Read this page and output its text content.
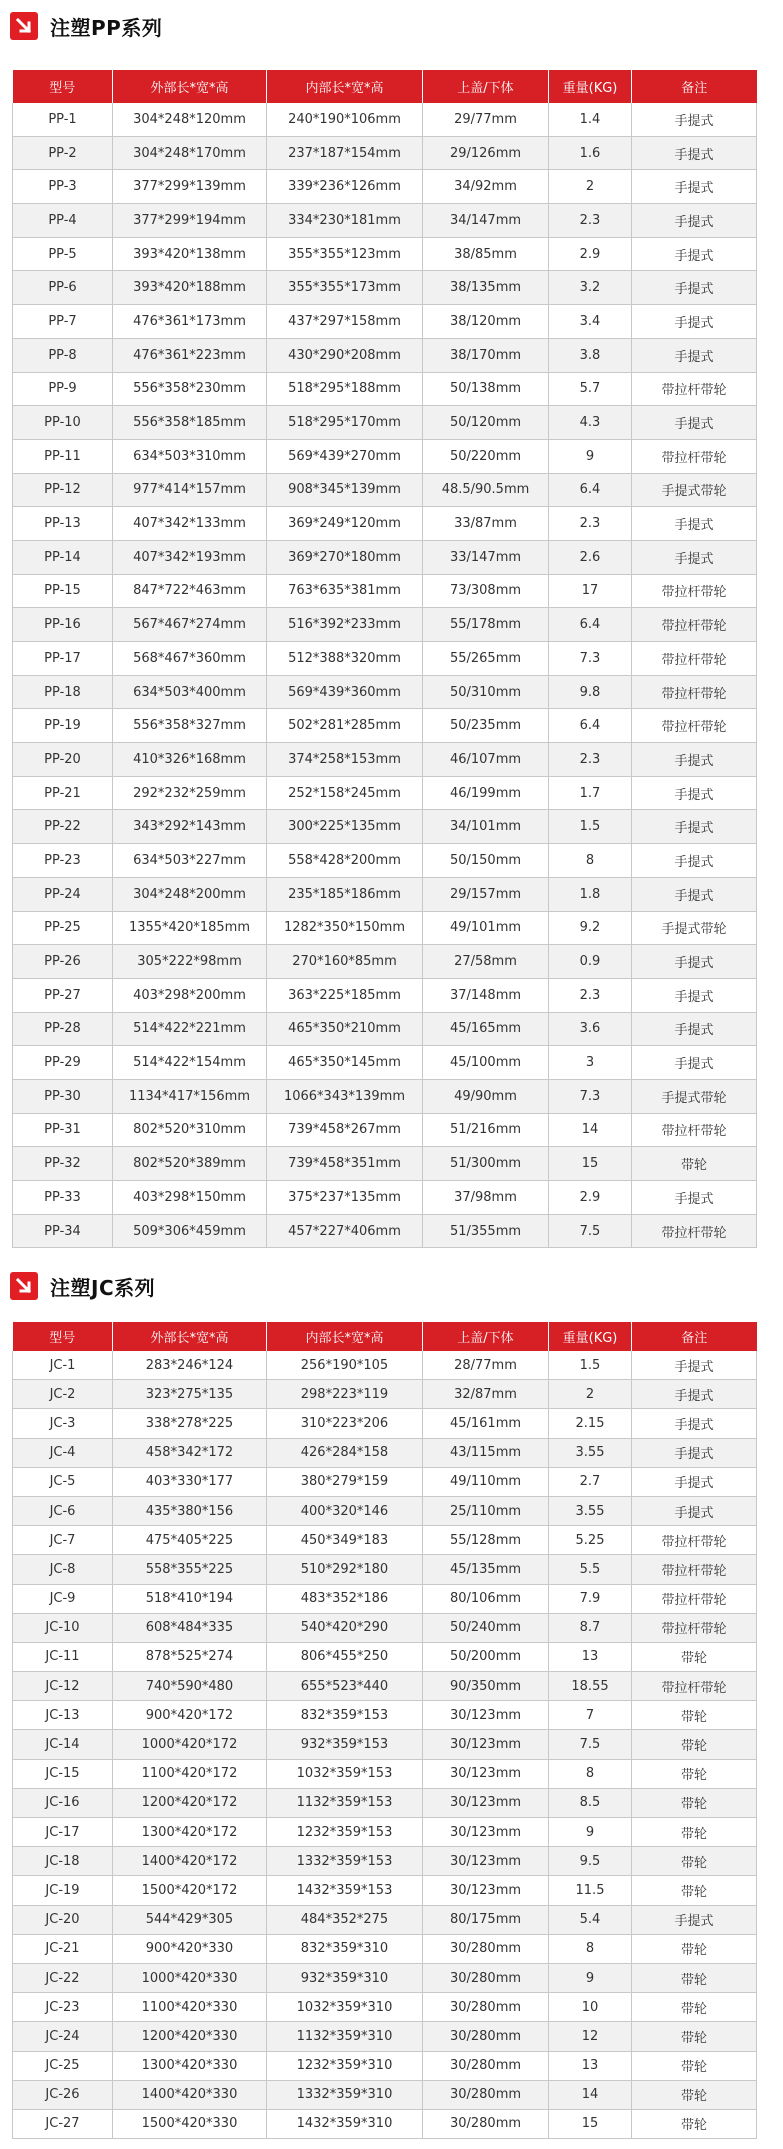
注塑PP系列
型号	外部长*宽*高	内部长*宽*高	上盖/下体	重量(KG)	备注
PP-1	304*248*120mm	240*190*106mm	29/77mm	1.4	手提式
PP-2	304*248*170mm	237*187*154mm	29/126mm	1.6	手提式
PP-3	377*299*139mm	339*236*126mm	34/92mm	2	手提式
PP-4	377*299*194mm	334*230*181mm	34/147mm	2.3	手提式
PP-5	393*420*138mm	355*355*123mm	38/85mm	2.9	手提式
PP-6	393*420*188mm	355*355*173mm	38/135mm	3.2	手提式
PP-7	476*361*173mm	437*297*158mm	38/120mm	3.4	手提式
PP-8	476*361*223mm	430*290*208mm	38/170mm	3.8	手提式
PP-9	556*358*230mm	518*295*188mm	50/138mm	5.7	带拉杆带轮
PP-10	556*358*185mm	518*295*170mm	50/120mm	4.3	手提式
PP-11	634*503*310mm	569*439*270mm	50/220mm	9	带拉杆带轮
PP-12	977*414*157mm	908*345*139mm	48.5/90.5mm	6.4	手提式带轮
PP-13	407*342*133mm	369*249*120mm	33/87mm	2.3	手提式
PP-14	407*342*193mm	369*270*180mm	33/147mm	2.6	手提式
PP-15	847*722*463mm	763*635*381mm	73/308mm	17	带拉杆带轮
PP-16	567*467*274mm	516*392*233mm	55/178mm	6.4	带拉杆带轮
PP-17	568*467*360mm	512*388*320mm	55/265mm	7.3	带拉杆带轮
PP-18	634*503*400mm	569*439*360mm	50/310mm	9.8	带拉杆带轮
PP-19	556*358*327mm	502*281*285mm	50/235mm	6.4	带拉杆带轮
PP-20	410*326*168mm	374*258*153mm	46/107mm	2.3	手提式
PP-21	292*232*259mm	252*158*245mm	46/199mm	1.7	手提式
PP-22	343*292*143mm	300*225*135mm	34/101mm	1.5	手提式
PP-23	634*503*227mm	558*428*200mm	50/150mm	8	手提式
PP-24	304*248*200mm	235*185*186mm	29/157mm	1.8	手提式
PP-25	1355*420*185mm	1282*350*150mm	49/101mm	9.2	手提式带轮
PP-26	305*222*98mm	270*160*85mm	27/58mm	0.9	手提式
PP-27	403*298*200mm	363*225*185mm	37/148mm	2.3	手提式
PP-28	514*422*221mm	465*350*210mm	45/165mm	3.6	手提式
PP-29	514*422*154mm	465*350*145mm	45/100mm	3	手提式
PP-30	1134*417*156mm	1066*343*139mm	49/90mm	7.3	手提式带轮
PP-31	802*520*310mm	739*458*267mm	51/216mm	14	带拉杆带轮
PP-32	802*520*389mm	739*458*351mm	51/300mm	15	带轮
PP-33	403*298*150mm	375*237*135mm	37/98mm	2.9	手提式
PP-34	509*306*459mm	457*227*406mm	51/355mm	7.5	带拉杆带轮
注塑JC系列
型号	外部长*宽*高	内部长*宽*高	上盖/下体	重量(KG)	备注
JC-1	283*246*124	256*190*105	28/77mm	1.5	手提式
JC-2	323*275*135	298*223*119	32/87mm	2	手提式
JC-3	338*278*225	310*223*206	45/161mm	2.15	手提式
JC-4	458*342*172	426*284*158	43/115mm	3.55	手提式
JC-5	403*330*177	380*279*159	49/110mm	2.7	手提式
JC-6	435*380*156	400*320*146	25/110mm	3.55	手提式
JC-7	475*405*225	450*349*183	55/128mm	5.25	带拉杆带轮
JC-8	558*355*225	510*292*180	45/135mm	5.5	带拉杆带轮
JC-9	518*410*194	483*352*186	80/106mm	7.9	带拉杆带轮
JC-10	608*484*335	540*420*290	50/240mm	8.7	带拉杆带轮
JC-11	878*525*274	806*455*250	50/200mm	13	带轮
JC-12	740*590*480	655*523*440	90/350mm	18.55	带拉杆带轮
JC-13	900*420*172	832*359*153	30/123mm	7	带轮
JC-14	1000*420*172	932*359*153	30/123mm	7.5	带轮
JC-15	1100*420*172	1032*359*153	30/123mm	8	带轮
JC-16	1200*420*172	1132*359*153	30/123mm	8.5	带轮
JC-17	1300*420*172	1232*359*153	30/123mm	9	带轮
JC-18	1400*420*172	1332*359*153	30/123mm	9.5	带轮
JC-19	1500*420*172	1432*359*153	30/123mm	11.5	带轮
JC-20	544*429*305	484*352*275	80/175mm	5.4	手提式
JC-21	900*420*330	832*359*310	30/280mm	8	带轮
JC-22	1000*420*330	932*359*310	30/280mm	9	带轮
JC-23	1100*420*330	1032*359*310	30/280mm	10	带轮
JC-24	1200*420*330	1132*359*310	30/280mm	12	带轮
JC-25	1300*420*330	1232*359*310	30/280mm	13	带轮
JC-26	1400*420*330	1332*359*310	30/280mm	14	带轮
JC-27	1500*420*330	1432*359*310	30/280mm	15	带轮
